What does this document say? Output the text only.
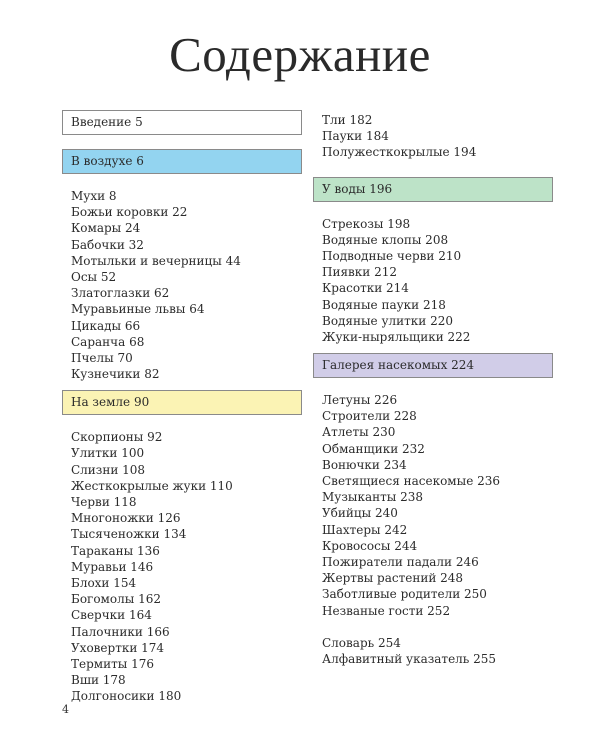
Содержание
Введение 5
В воздухе 6
Мухи 8
Божьи коровки 22
Комары 24
Бабочки 32
Мотыльки и вечерницы 44
Осы 52
Златоглазки 62
Муравьиные львы 64
Цикады 66
Саранча 68
Пчелы 70
Кузнечики 82
На земле 90
Скорпионы 92
Улитки 100
Слизни 108
Жесткокрылые жуки 110
Черви 118
Многоножки 126
Тысяченожки 134
Тараканы 136
Муравьи 146
Блохи 154
Богомолы 162
Сверчки 164
Палочники 166
Уховертки 174
Термиты 176
Вши 178
Долгоносики 180
Тли 182
Пауки 184
Полужесткокрылые 194
У воды 196
Стрекозы 198
Водяные клопы 208
Подводные черви 210
Пиявки 212
Красотки 214
Водяные пауки 218
Водяные улитки 220
Жуки-ныряльщики 222
Галерея насекомых 224
Летуны 226
Строители 228
Атлеты 230
Обманщики 232
Вонючки 234
Светящиеся насекомые 236
Музыканты 238
Убийцы 240
Шахтеры 242
Кровососы 244
Пожиратели падали 246
Жертвы растений 248
Заботливые родители 250
Незваные гости 252
Словарь 254
Алфавитный указатель 255
4
